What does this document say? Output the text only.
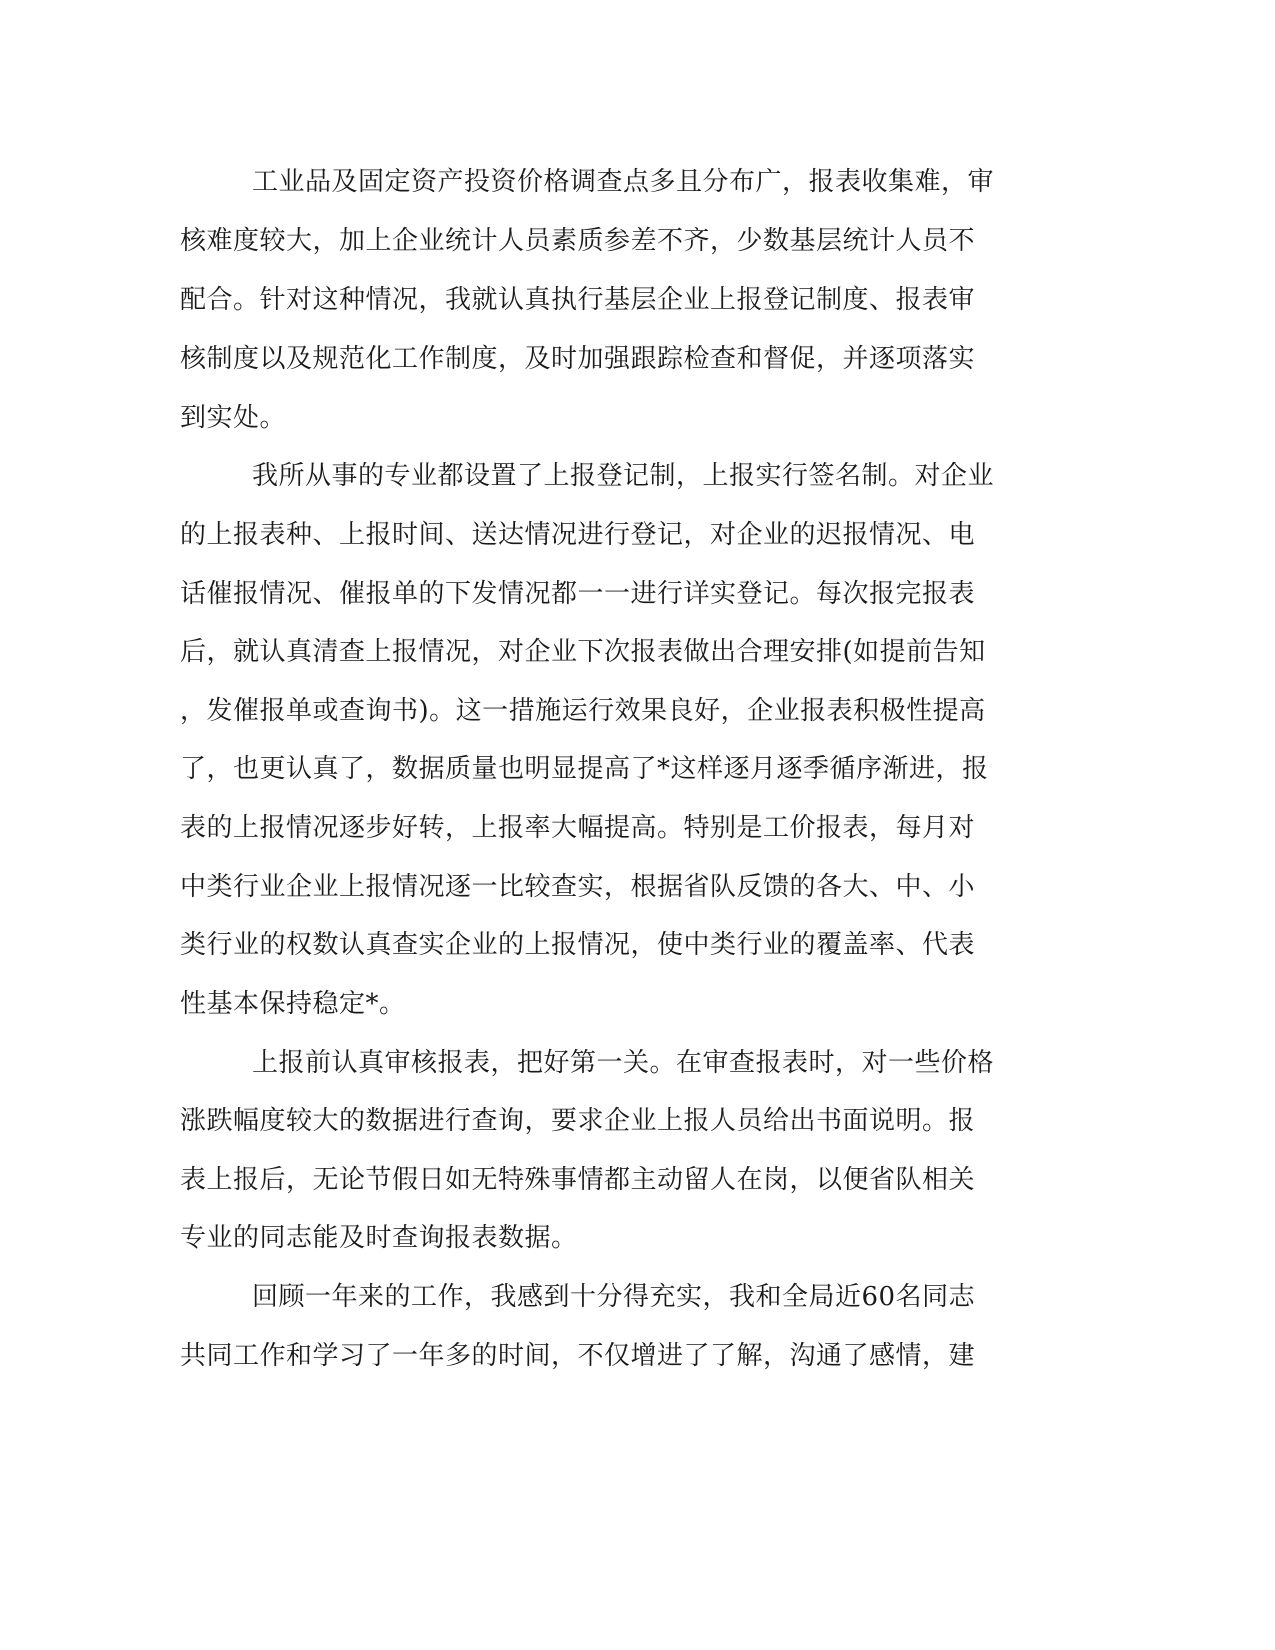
工业品及固定资产投资价格调查点多且分布广，报表收集难，审
核难度较大，加上企业统计人员素质参差不齐，少数基层统计人员不
配合。针对这种情况，我就认真执行基层企业上报登记制度、报表审
核制度以及规范化工作制度，及时加强跟踪检查和督促，并逐项落实
到实处。
我所从事的专业都设置了上报登记制，上报实行签名制。对企业
的上报表种、上报时间、送达情况进行登记，对企业的迟报情况、电
话催报情况、催报单的下发情况都一一进行详实登记。每次报完报表
后，就认真清查上报情况，对企业下次报表做出合理安排(如提前告知
，发催报单或查询书)。这一措施运行效果良好，企业报表积极性提高
了，也更认真了，数据质量也明显提高了*这样逐月逐季循序渐进，报
表的上报情况逐步好转，上报率大幅提高。特别是工价报表，每月对
中类行业企业上报情况逐一比较查实，根据省队反馈的各大、中、小
类行业的权数认真查实企业的上报情况，使中类行业的覆盖率、代表
性基本保持稳定*。
上报前认真审核报表，把好第一关。在审查报表时，对一些价格
涨跌幅度较大的数据进行查询，要求企业上报人员给出书面说明。报
表上报后，无论节假日如无特殊事情都主动留人在岗，以便省队相关
专业的同志能及时查询报表数据。
回顾一年来的工作，我感到十分得充实，我和全局近60名同志
共同工作和学习了一年多的时间，不仅增进了了解，沟通了感情，建
